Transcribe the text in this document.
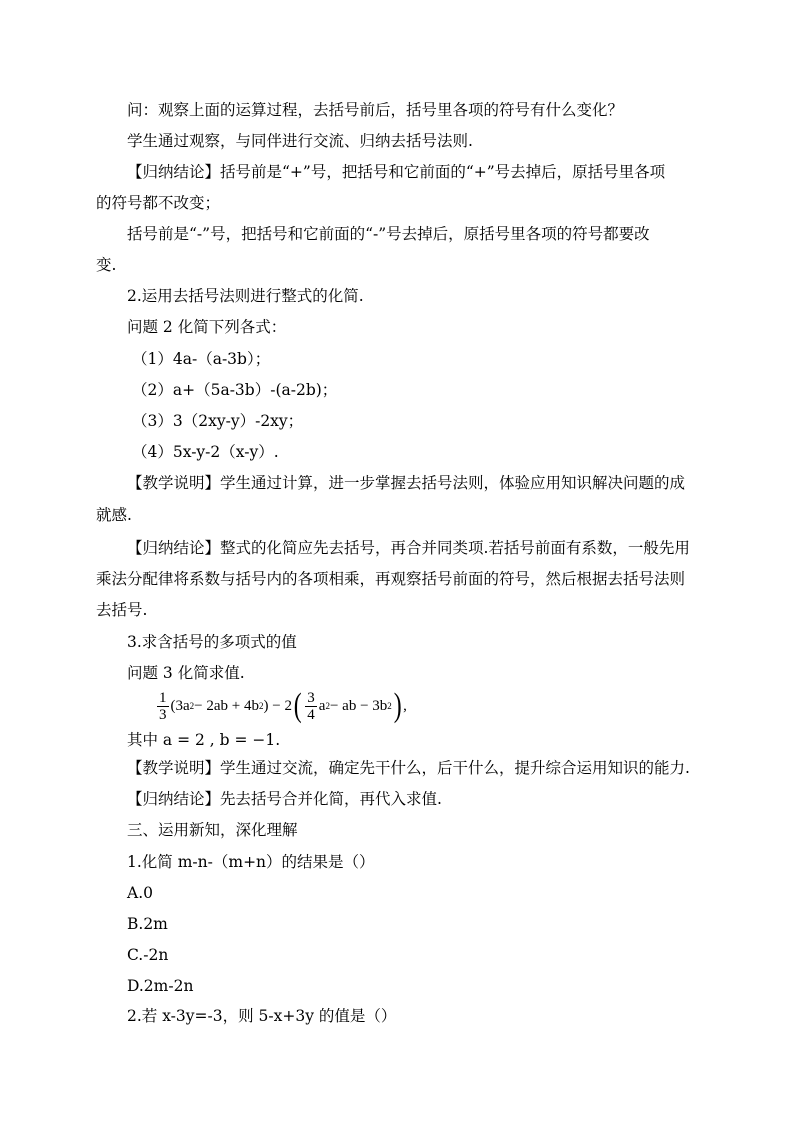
问：观察上面的运算过程，去括号前后，括号里各项的符号有什么变化？
学生通过观察，与同伴进行交流、归纳去括号法则.
【归纳结论】括号前是“+”号，把括号和它前面的“+”号去掉后，原括号里各项
的符号都不改变；
括号前是“-”号，把括号和它前面的“-”号去掉后，原括号里各项的符号都要改
变.
2.运用去括号法则进行整式的化简.
问题 2 化简下列各式：
（1）4a-（a-3b）；
（2）a+（5a-3b）-(a-2b)；
（3）3（2xy-y）-2xy；
（4）5x-y-2（x-y）.
【教学说明】学生通过计算，进一步掌握去括号法则，体验应用知识解决问题的成
就感.
【归纳结论】整式的化简应先去括号，再合并同类项.若括号前面有系数，一般先用
乘法分配律将系数与括号内的各项相乘，再观察括号前面的符号，然后根据去括号法则
去括号.
3.求含括号的多项式的值
问题 3 化简求值.
$\frac{1}{3} (3a$ 2 − 2ab + 4b 2 ) − 2 ( $\frac{3}{4}$ a 2 − ab − 3b 2 ) ,
其中 a = 2 , b = −1.
【教学说明】学生通过交流，确定先干什么，后干什么，提升综合运用知识的能力.
【归纳结论】先去括号合并化简，再代入求值.
三、运用新知，深化理解
1.化简 m-n-（m+n）的结果是（）
A.0
B.2m
C.-2n
D.2m-2n
2.若 x-3y=-3，则 5-x+3y 的值是（）
